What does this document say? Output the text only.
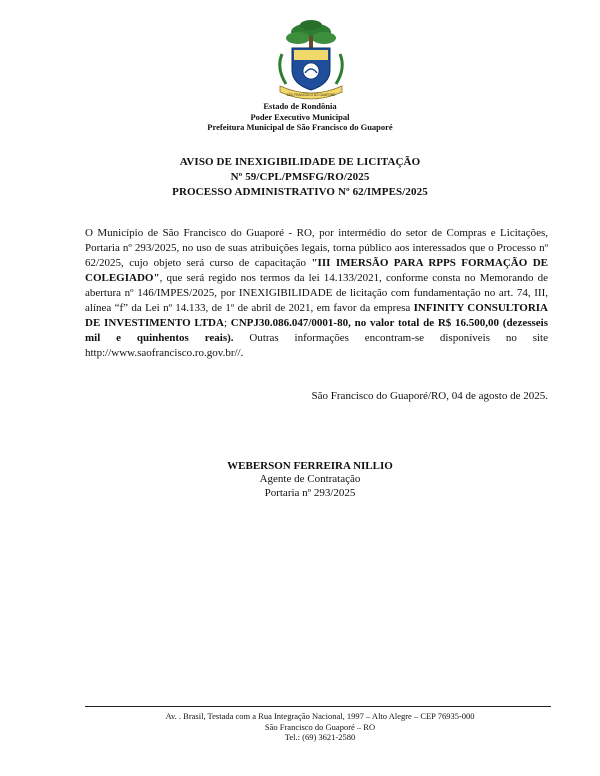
SÃO FRANCISCO DO GUAPORÉ
Estado de Rondônia
Poder Executivo Municipal
Prefeitura Municipal de São Francisco do Guaporé
AVISO DE INEXIGIBILIDADE DE LICITAÇÃO
Nº 59/CPL/PMSFG/RO/2025
PROCESSO ADMINISTRATIVO Nº 62/IMPES/2025
O Município de São Francisco do Guaporé - RO, por intermédio do setor de Compras e Licitações, Portaria nº 293/2025, no uso de suas atribuições legais, torna público aos interessados que o Processo nº 62/2025, cujo objeto será curso de capacitação "III IMERSÃO PARA RPPS FORMAÇÃO DE COLEGIADO", que será regido nos termos da lei 14.133/2021, conforme consta no Memorando de abertura nº 146/IMPES/2025, por INEXIGIBILIDADE de licitação com fundamentação no art. 74, III, alínea “f” da Lei nº 14.133, de 1º de abril de 2021, em favor da empresa INFINITY CONSULTORIA DE INVESTIMENTO LTDA; CNPJ30.086.047/0001-80, no valor total de R$ 16.500,00 (dezesseis mil e quinhentos reais). Outras informações encontram-se disponíveis no site http://www.saofrancisco.ro.gov.br//.
São Francisco do Guaporé/RO, 04 de agosto de 2025.
WEBERSON FERREIRA NILLIO
Agente de Contratação
Portaria nº 293/2025
Av. . Brasil, Testada com a Rua Integração Nacional, 1997 – Alto Alegre – CEP 76935-000
São Francisco do Guaporé – RO
Tel.: (69) 3621-2580
